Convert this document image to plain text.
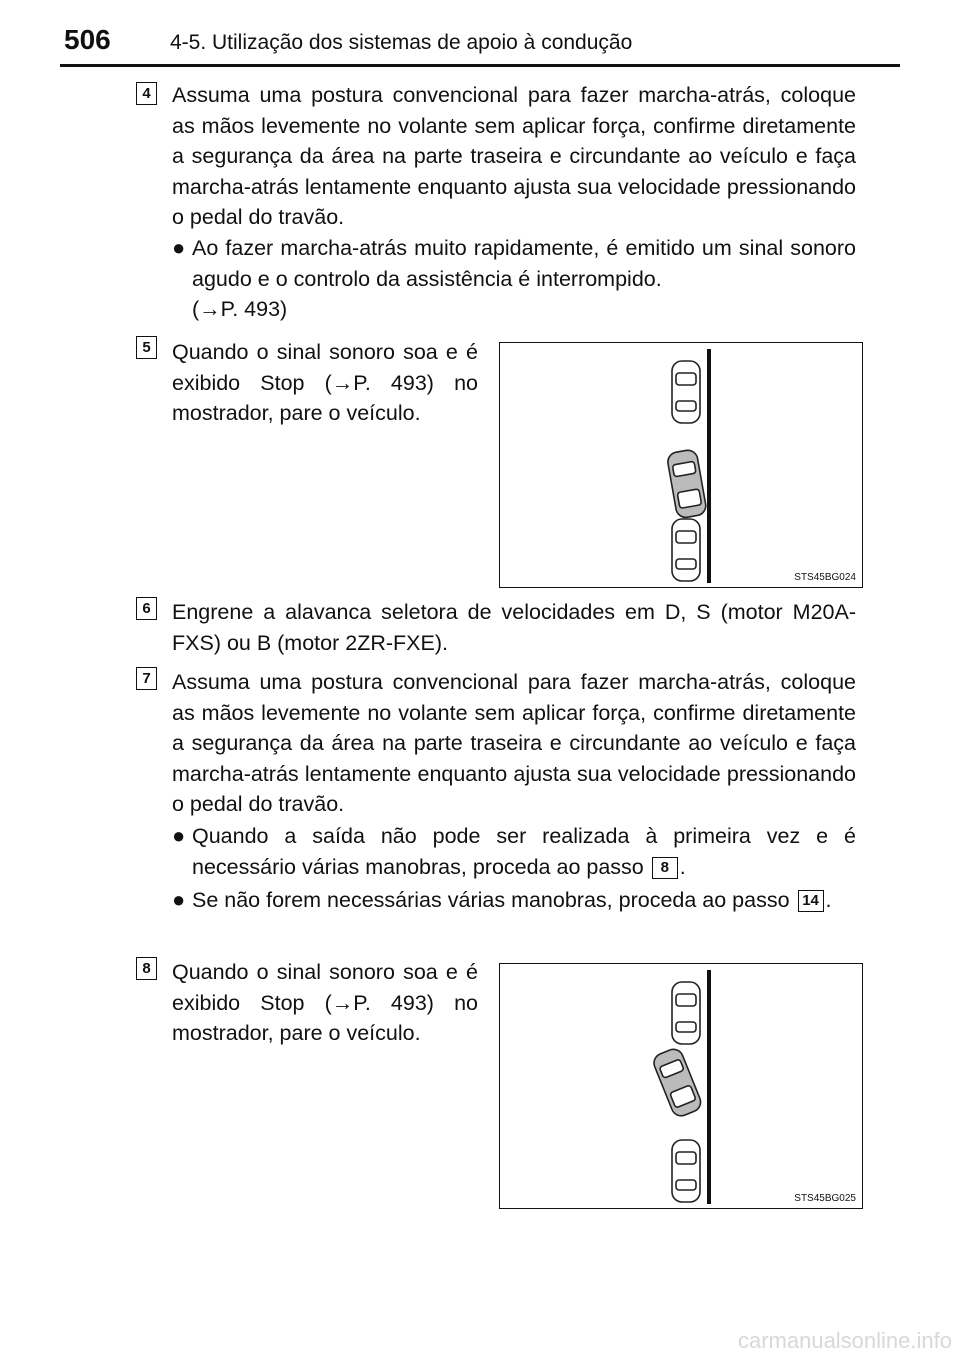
506	4-5. Utilização dos sistemas de apoio à condução
4 Assuma uma postura convencional para fazer marcha-atrás, coloque as mãos levemente no volante sem aplicar força, confirme diretamente a segurança da área na parte traseira e circundante ao veículo e faça marcha-atrás lentamente enquanto ajusta sua velocidade pressionando o pedal do travão.

● Ao fazer marcha-atrás muito rapidamente, é emitido um sinal sonoro agudo e o controlo da assistência é interrompido.
(→P. 493)
5 Quando o sinal sonoro soa e é exibido Stop (→P. 493) no mostrador, pare o veículo.

STS45BG024
6 Engrene a alavanca seletora de velocidades em D, S (motor M20A-FXS) ou B (motor 2ZR-FXE).

7 Assuma uma postura convencional para fazer marcha-atrás, coloque as mãos levemente no volante sem aplicar força, confirme diretamente a segurança da área na parte traseira e circundante ao veículo e faça marcha-atrás lentamente enquanto ajusta sua velocidade pressionando o pedal do travão.

● Quando a saída não pode ser realizada à primeira vez e é necessário várias manobras, proceda ao passo 8 .
● Se não forem necessárias várias manobras, proceda ao passo 14 .
8 Quando o sinal sonoro soa e é exibido Stop (→P. 493) no mostrador, pare o veículo.

STS45BG025
carmanualsonline.info
